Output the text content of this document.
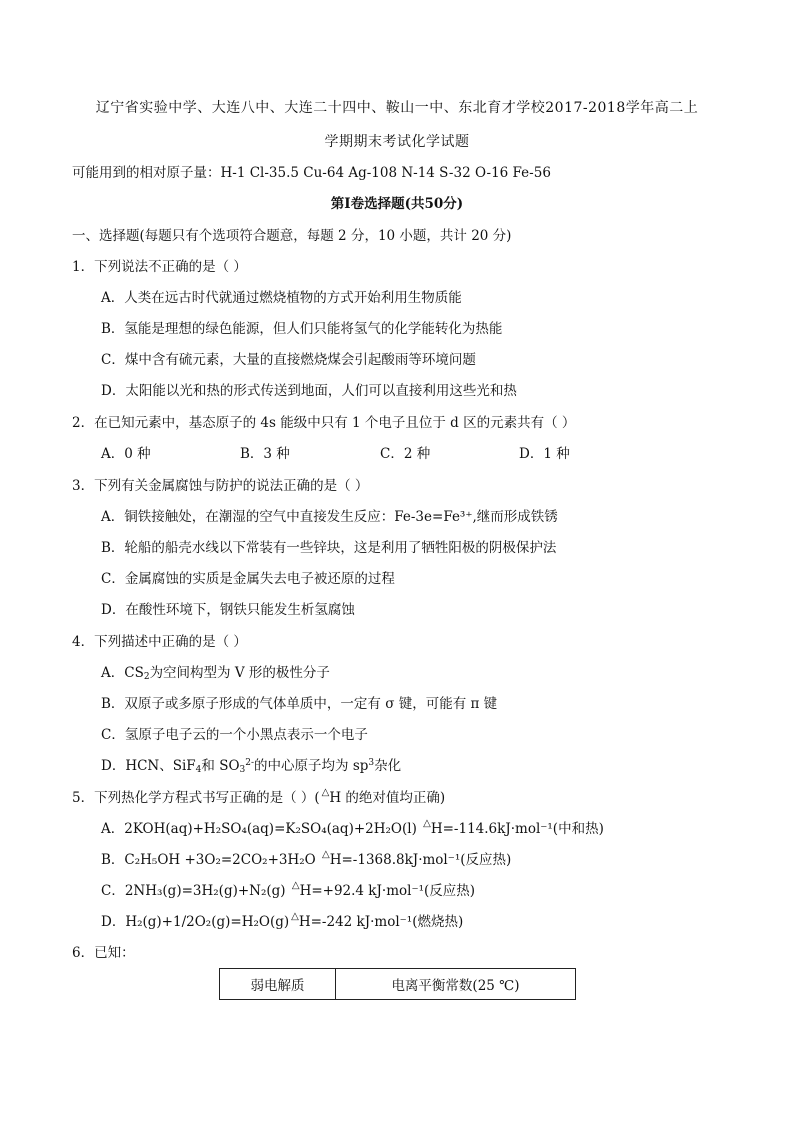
辽宁省实验中学、大连八中、大连二十四中、鞍山一中、东北育才学校2017-2018学年高二上
学期期末考试化学试题
可能用到的相对原子量：H-1 Cl-35.5 Cu-64 Ag-108 N-14 S-32 O-16 Fe-56
第Ⅰ卷选择题(共50分)
一、选择题(每题只有个选项符合题意，每题 2 分，10 小题，共计 20 分)
1．下列说法不正确的是（ ）
A．人类在远古时代就通过燃烧植物的方式开始利用生物质能
B．氢能是理想的绿色能源，但人们只能将氢气的化学能转化为热能
C．煤中含有硫元素，大量的直接燃烧煤会引起酸雨等环境问题
D．太阳能以光和热的形式传送到地面，人们可以直接利用这些光和热
2．在已知元素中，基态原子的 4s 能级中只有 1 个电子且位于 d 区的元素共有（ ）
A．0 种	B．3 种	C．2 种	D．1 种
3．下列有关金属腐蚀与防护的说法正确的是（ ）
A．铜铁接触处，在潮湿的空气中直接发生反应：Fe-3e=Fe³⁺,继而形成铁锈
B．轮船的船壳水线以下常装有一些锌块，这是利用了牺牲阳极的阴极保护法
C．金属腐蚀的实质是金属失去电子被还原的过程
D．在酸性环境下，钢铁只能发生析氢腐蚀
4．下列描述中正确的是（ ）
A．$CS_2$为空间构型为 V 形的极性分子
B．双原子或多原子形成的气体单质中，一定有 σ 键，可能有 π 键
C．氢原子电子云的一个小黑点表示一个电子
D．HCN、SiF$_4$和 $SO_3^{2-}$的中心原子均为 $sp^3$杂化
5．下列热化学方程式书写正确的是（ ）( △H 的绝对值均正确)
A．2KOH(aq)+H₂SO₄(aq)=K₂SO₄(aq)+2H₂O(l) △H=-114.6kJ·mol⁻¹(中和热)
B．C₂H₅OH +3O₂=2CO₂+3H₂O △H=-1368.8kJ·mol⁻¹(反应热)
C．2NH₃(g)=3H₂(g)+N₂(g) △H=+92.4 kJ·mol⁻¹(反应热)
D．H₂(g)+1/2O₂(g)=H₂O(g) △H=-242 kJ·mol⁻¹(燃烧热)
6．已知：
弱电解质	电离平衡常数(25 ℃)
